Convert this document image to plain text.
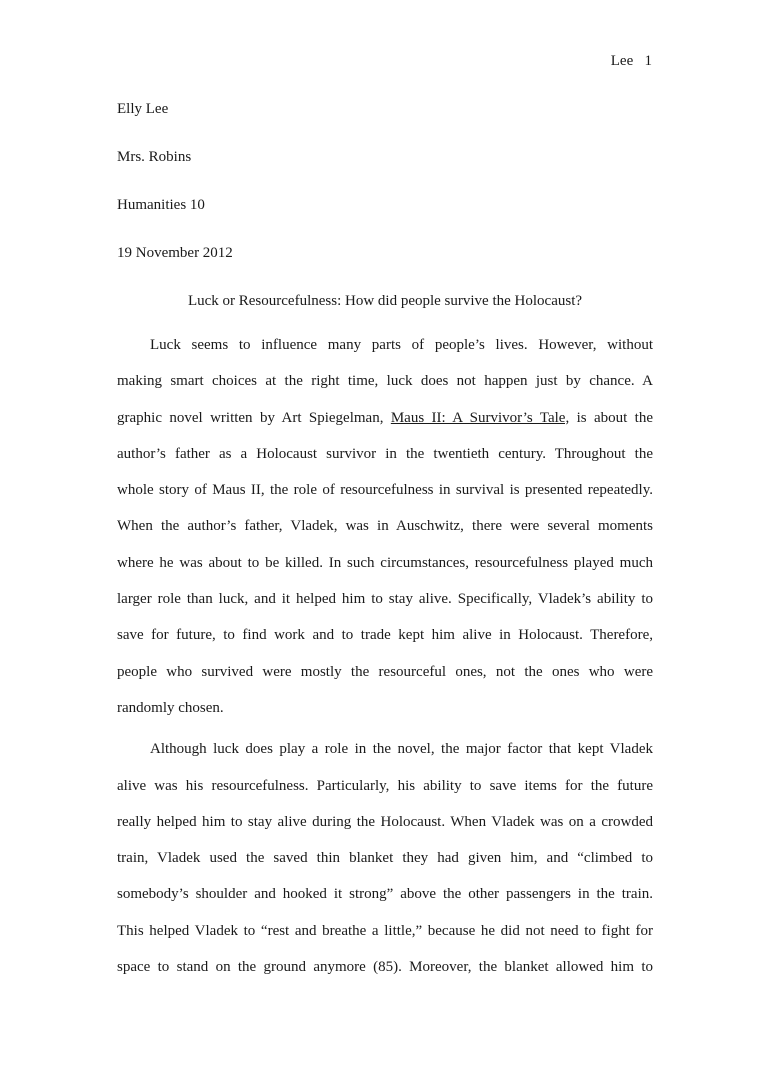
Lee   1
Elly Lee
Mrs. Robins
Humanities 10
19 November 2012
Luck or Resourcefulness: How did people survive the Holocaust?
Luck seems to influence many parts of people’s lives. However, without
making smart choices at the right time, luck does not happen just by chance. A
graphic novel written by Art Spiegelman, Maus II: A Survivor’s Tale, is about the
author’s father as a Holocaust survivor in the twentieth century. Throughout the
whole story of Maus II, the role of resourcefulness in survival is presented repeatedly.
When the author’s father, Vladek, was in Auschwitz, there were several moments
where he was about to be killed. In such circumstances, resourcefulness played much
larger role than luck, and it helped him to stay alive. Specifically, Vladek’s ability to
save for future, to find work and to trade kept him alive in Holocaust. Therefore,
people who survived were mostly the resourceful ones, not the ones who were
randomly chosen.
Although luck does play a role in the novel, the major factor that kept Vladek
alive was his resourcefulness. Particularly, his ability to save items for the future
really helped him to stay alive during the Holocaust. When Vladek was on a crowded
train, Vladek used the saved thin blanket they had given him, and “climbed to
somebody’s shoulder and hooked it strong” above the other passengers in the train.
This helped Vladek to “rest and breathe a little,” because he did not need to fight for
space to stand on the ground anymore (85). Moreover, the blanket allowed him to
